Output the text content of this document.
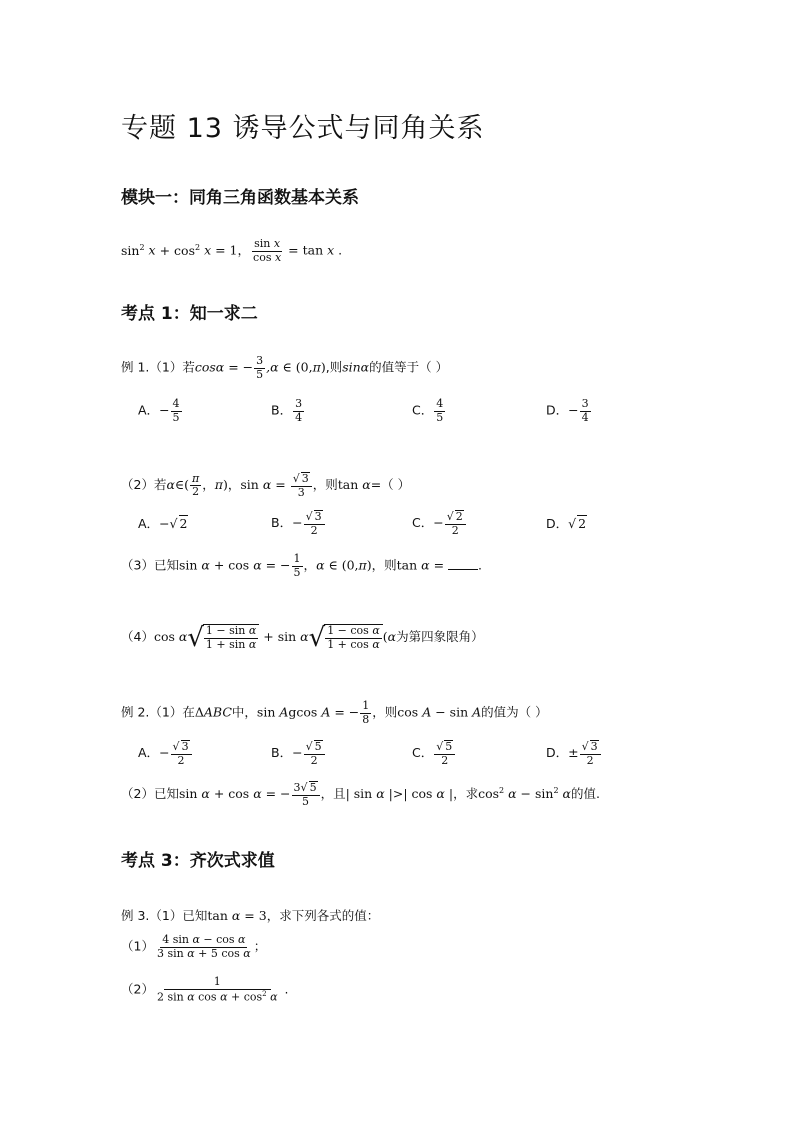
专题 13 诱导公式与同角关系
模块一：同角三角函数基本关系
$\sin^2 x + \cos^2 x = 1$， $\frac{\text{sin x}}{\text{cos x}} = \tan x$ .
考点 1：知一求二
例 1.（1）若cosα = − $\frac{3}{5} ,\alpha$ ∈ (0,π),则sinα的值等于（ ）
A．− $\frac{4}{5}$	B． $\frac{3}{4}$	C． $\frac{4}{5}$	D．− $\frac{3}{4}$
（2）若α∈( $\frac{\pi}{2}$ ，π)，$\sin \alpha = \frac{√ 3}{3}$ ，则tan α=（ ）
A．−√ 2	B．− $\frac{√ 3}{2}$	C．− $\frac{√ 2}{2}$	D．√ 2
（3）已知sin α + cos α = − $\frac{1}{5}$ ，α ∈ (0,π)，则tan α = .
（4）cos α √ $\frac{\text{1 − sin α}}{\text{1 + sin α}} + \sin \alpha$ √ $\frac{\text{1 − cos α}}{\text{1 + cos α}} (\alpha$为第四象限角）
例 2.（1）在ΔABC中，sin Agcos A = − $\frac{1}{8}$ ，则cos A − sin A的值为（ ）
A．− $\frac{√ 3}{2}$	B．− $\frac{√ 5}{2}$	C． $\frac{√ 5}{2}$	D．± $\frac{√ 3}{2}$
（2）已知sin α + cos α = − $\frac{3√ 5}{5}$ ，且| sin α |>| cos α |，求$\cos^2 \alpha - \sin^2 \alpha$的值.
考点 3：齐次式求值
例 3.（1）已知tan α = 3，求下列各式的值：
$(1) \frac{\text{4 sin α − cos α}}{\text{3 sin α + 5 cos α}}$ ；
$(2) \frac{1}{2 \sin \alpha \cos \alpha + \cos^2 \alpha}$ .
